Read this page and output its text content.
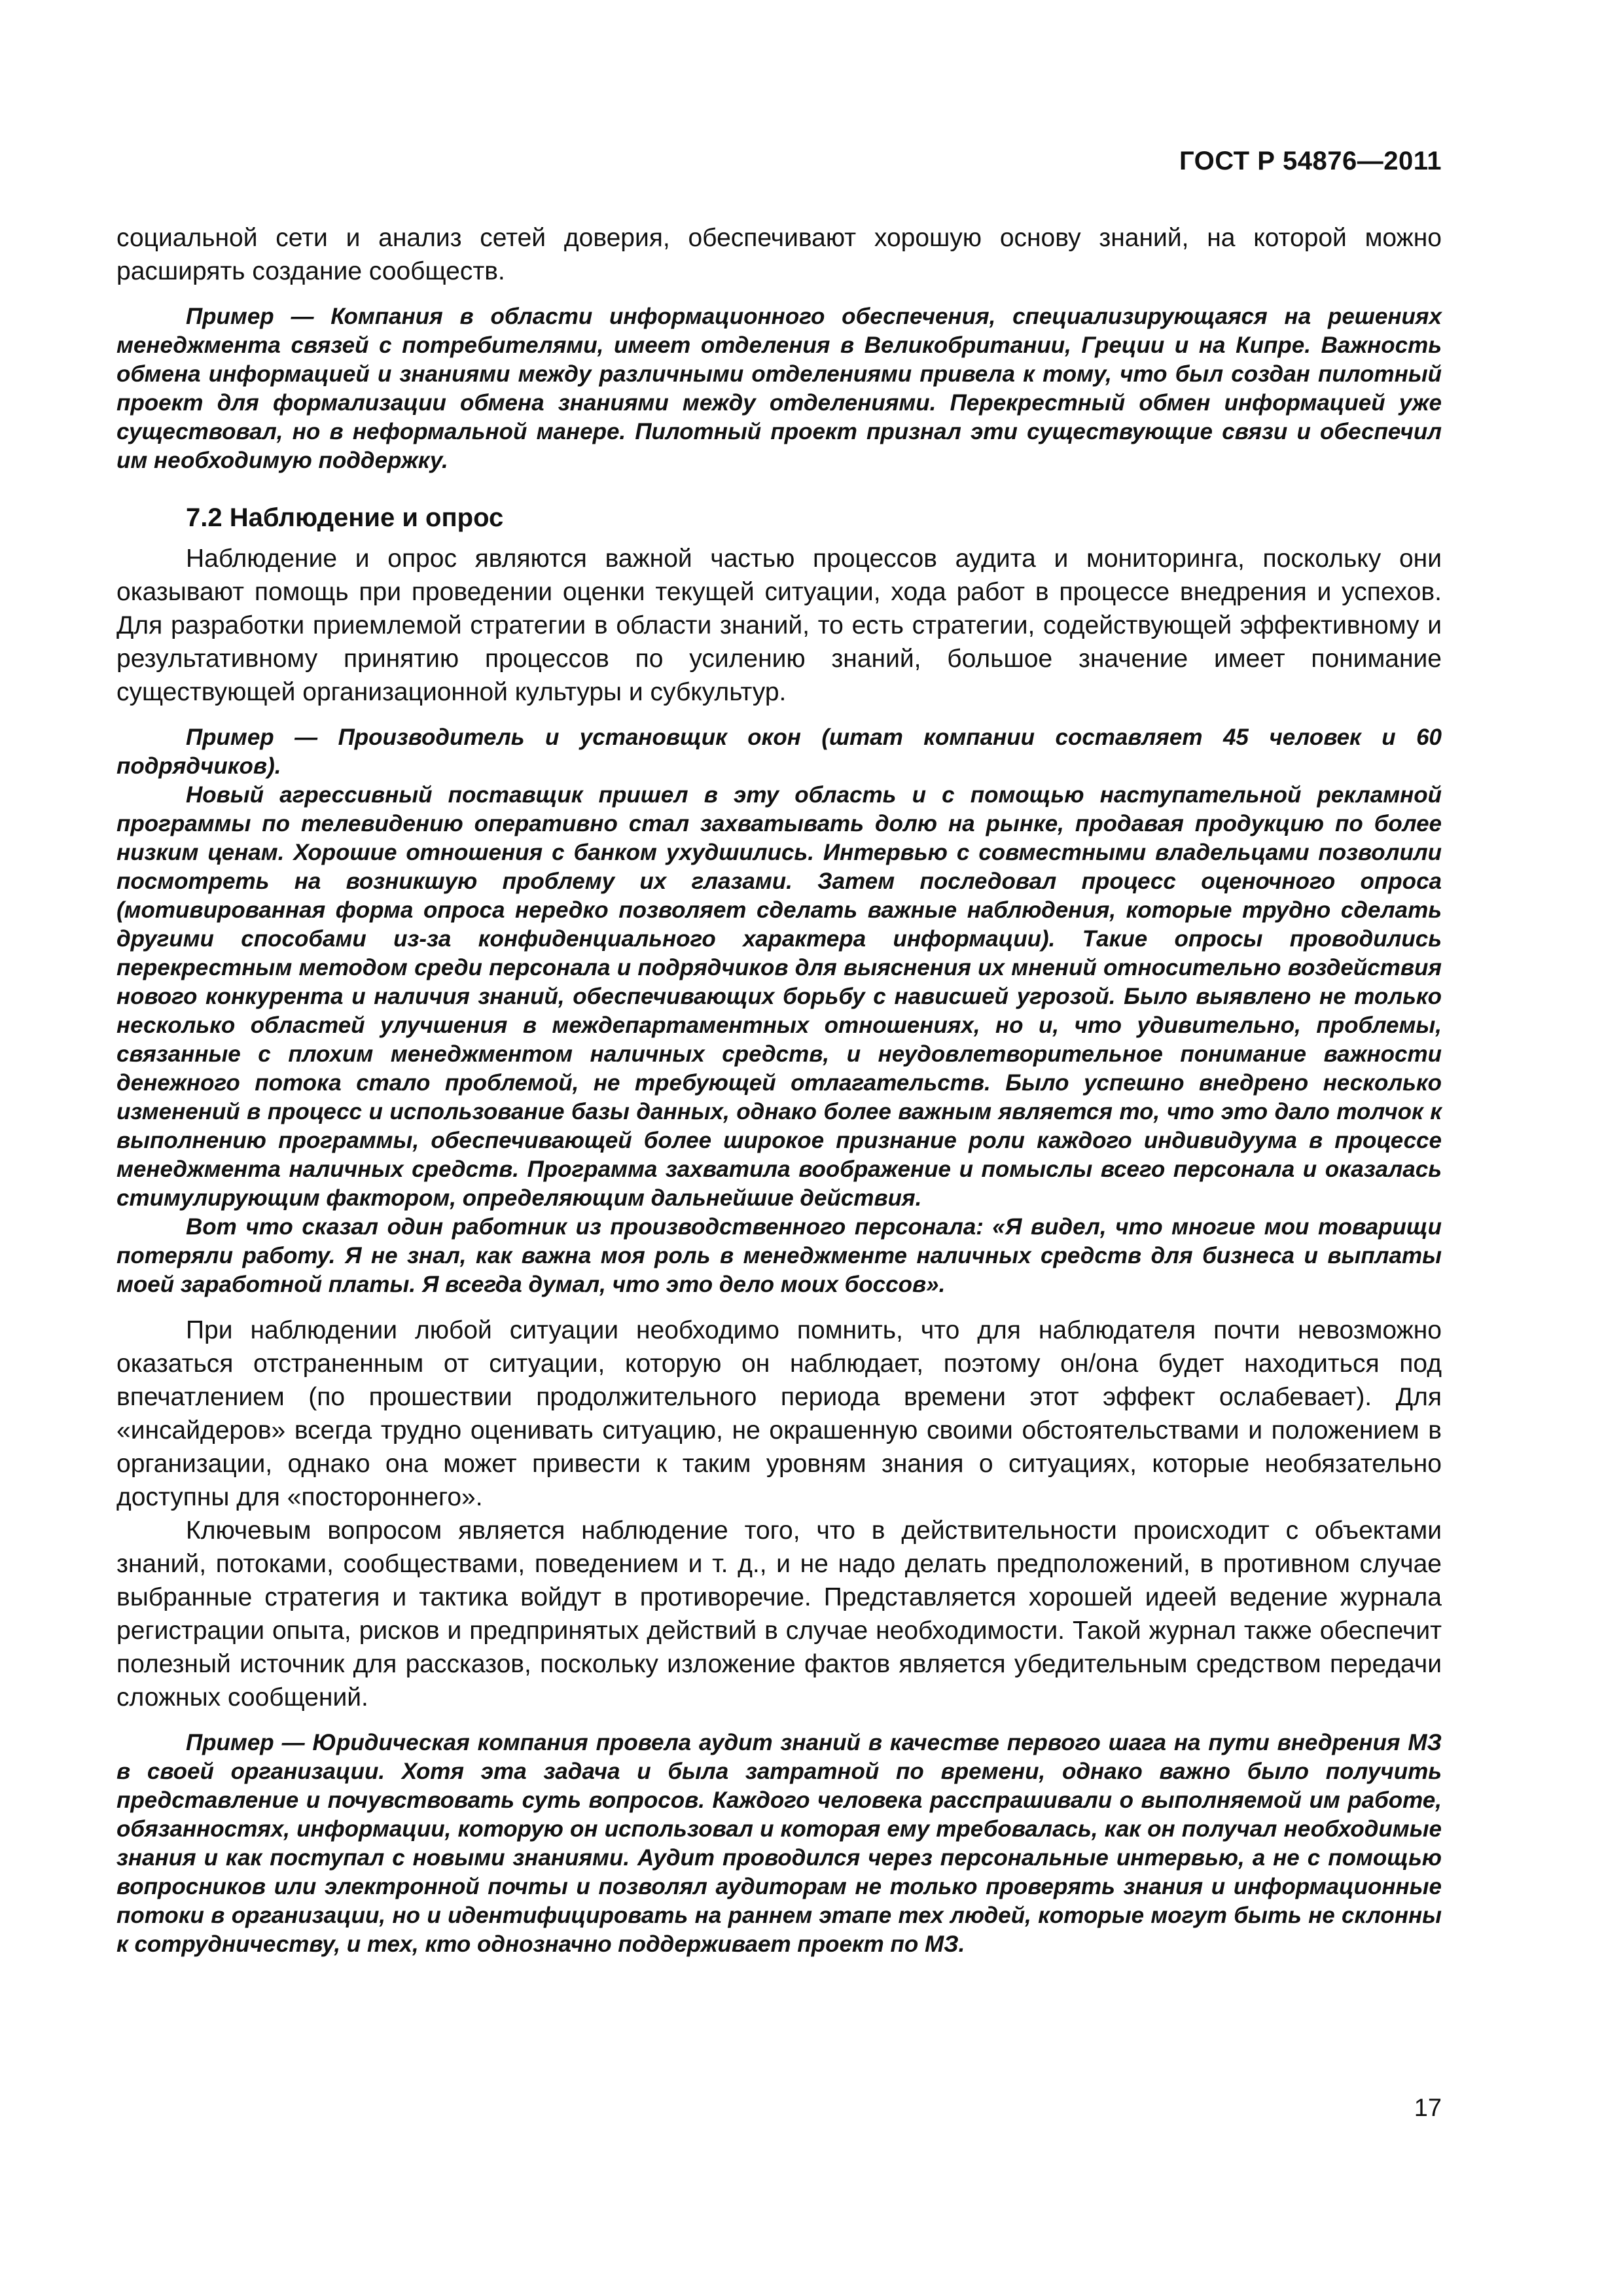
ГОСТ Р 54876—2011

социальной сети и анализ сетей доверия, обеспечивают хорошую основу знаний, на которой можно расширять создание сообществ.

Пример — Компания в области информационного обеспечения, специализирующаяся на решениях менеджмента связей с потребителями, имеет отделения в Великобритании, Греции и на Кипре. Важность обмена информацией и знаниями между различными отделениями привела к тому, что был создан пилотный проект для формализации обмена знаниями между отделениями. Перекрестный обмен информацией уже существовал, но в неформальной манере. Пилотный проект признал эти существующие связи и обеспечил им необходимую поддержку.

7.2 Наблюдение и опрос

Наблюдение и опрос являются важной частью процессов аудита и мониторинга, поскольку они оказывают помощь при проведении оценки текущей ситуации, хода работ в процессе внедрения и успехов. Для разработки приемлемой стратегии в области знаний, то есть стратегии, содействующей эффективному и результативному принятию процессов по усилению знаний, большое значение имеет понимание существующей организационной культуры и субкультур.

Пример — Производитель и установщик окон (штат компании составляет 45 человек и 60 подрядчиков).

Новый агрессивный поставщик пришел в эту область и с помощью наступательной рекламной программы по телевидению оперативно стал захватывать долю на рынке, продавая продукцию по более низким ценам. Хорошие отношения с банком ухудшились. Интервью с совместными владельцами позволили посмотреть на возникшую проблему их глазами. Затем последовал процесс оценочного опроса (мотивированная форма опроса нередко позволяет сделать важные наблюдения, которые трудно сделать другими способами из-за конфиденциального характера информации). Такие опросы проводились перекрестным методом среди персонала и подрядчиков для выяснения их мнений относительно воздействия нового конкурента и наличия знаний, обеспечивающих борьбу с нависшей угрозой. Было выявлено не только несколько областей улучшения в междепартаментных отношениях, но и, что удивительно, проблемы, связанные с плохим менеджментом наличных средств, и неудовлетворительное понимание важности денежного потока стало проблемой, не требующей отлагательств. Было успешно внедрено несколько изменений в процесс и использование базы данных, однако более важным является то, что это дало толчок к выполнению программы, обеспечивающей более широкое признание роли каждого индивидуума в процессе менеджмента наличных средств. Программа захватила воображение и помыслы всего персонала и оказалась стимулирующим фактором, определяющим дальнейшие действия.

Вот что сказал один работник из производственного персонала: «Я видел, что многие мои товарищи потеряли работу. Я не знал, как важна моя роль в менеджменте наличных средств для бизнеса и выплаты моей заработной платы. Я всегда думал, что это дело моих боссов».

При наблюдении любой ситуации необходимо помнить, что для наблюдателя почти невозможно оказаться отстраненным от ситуации, которую он наблюдает, поэтому он/она будет находиться под впечатлением (по прошествии продолжительного периода времени этот эффект ослабевает). Для «инсайдеров» всегда трудно оценивать ситуацию, не окрашенную своими обстоятельствами и положением в организации, однако она может привести к таким уровням знания о ситуациях, которые необязательно доступны для «постороннего».

Ключевым вопросом является наблюдение того, что в действительности происходит с объектами знаний, потоками, сообществами, поведением и т. д., и не надо делать предположений, в противном случае выбранные стратегия и тактика войдут в противоречие. Представляется хорошей идеей ведение журнала регистрации опыта, рисков и предпринятых действий в случае необходимости. Такой журнал также обеспечит полезный источник для рассказов, поскольку изложение фактов является убедительным средством передачи сложных сообщений.

Пример — Юридическая компания провела аудит знаний в качестве первого шага на пути внедрения МЗ в своей организации. Хотя эта задача и была затратной по времени, однако важно было получить представление и почувствовать суть вопросов. Каждого человека расспрашивали о выполняемой им работе, обязанностях, информации, которую он использовал и которая ему требовалась, как он получал необходимые знания и как поступал с новыми знаниями. Аудит проводился через персональные интервью, а не с помощью вопросников или электронной почты и позволял аудиторам не только проверять знания и информационные потоки в организации, но и идентифицировать на раннем этапе тех людей, которые могут быть не склонны к сотрудничеству, и тех, кто однозначно поддерживает проект по МЗ.

17
